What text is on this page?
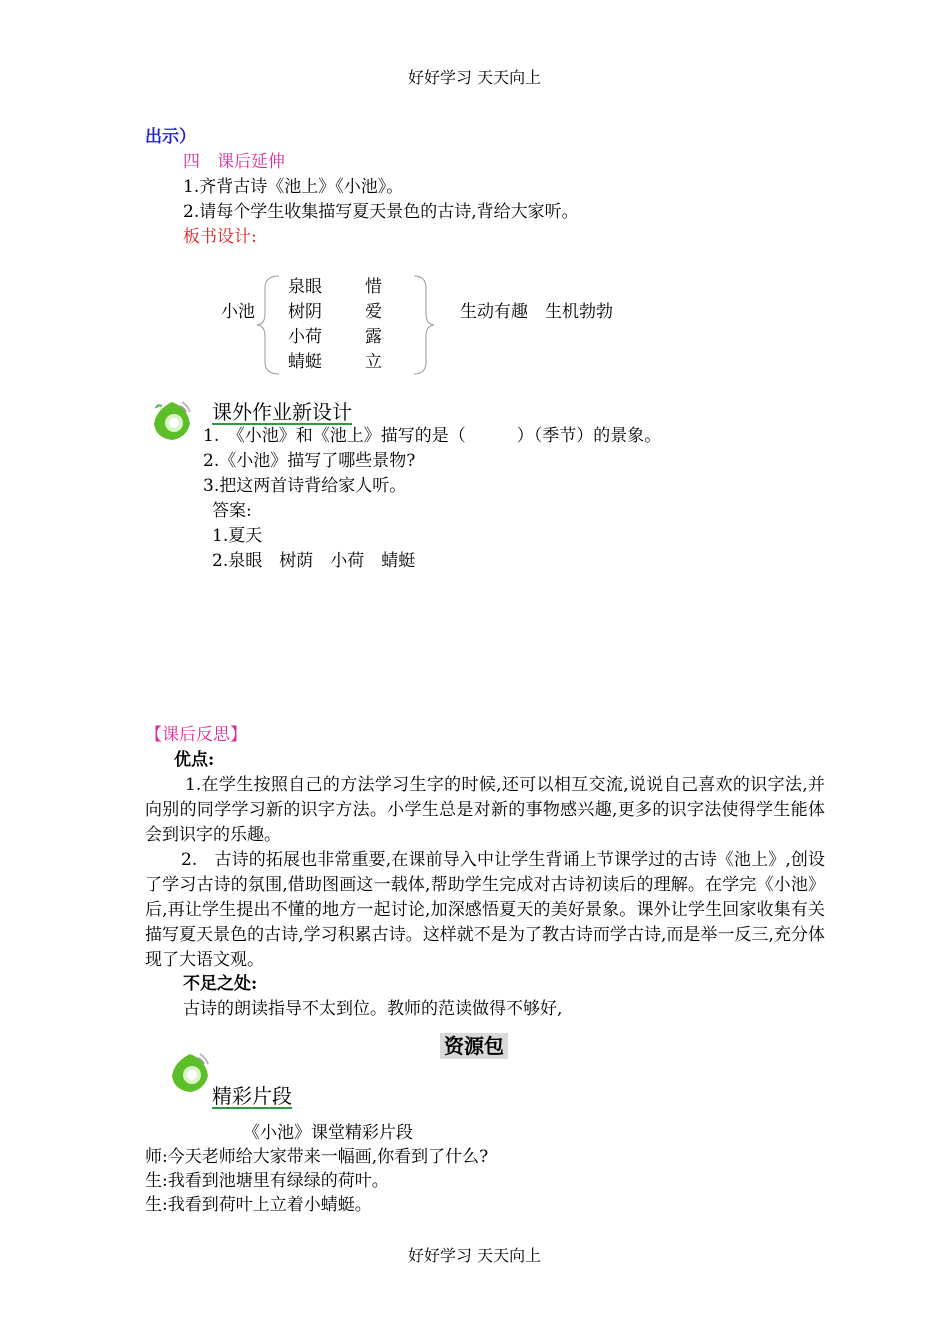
好好学习 天天向上
出示）
四　课后延伸
1.齐背古诗《池上》《小池》。
2.请每个学生收集描写夏天景色的古诗,背给大家听。
板书设计:
小池
泉眼	惜
树阴	爱
小荷	露
蜻蜓	立
生动有趣　生机勃勃
课外作业新设计
1.　《小池》和《池上》描写的是（　　　）（季节）的景象。
2.《小池》描写了哪些景物?
3.把这两首诗背给家人听。
答案:
1.夏天
2.泉眼　树荫　小荷　蜻蜓
【课后反思】
优点:
1.在学生按照自己的方法学习生字的时候,还可以相互交流,说说自己喜欢的识字法,并向别的同学学习新的识字方法。小学生总是对新的事物感兴趣,更多的识字法使得学生能体会到识字的乐趣。
2.　古诗的拓展也非常重要,在课前导入中让学生背诵上节课学过的古诗《池上》,创设了学习古诗的氛围,借助图画这一载体,帮助学生完成对古诗初读后的理解。在学完《小池》后,再让学生提出不懂的地方一起讨论,加深感悟夏天的美好景象。课外让学生回家收集有关描写夏天景色的古诗,学习积累古诗。这样就不是为了教古诗而学古诗,而是举一反三,充分体现了大语文观。
不足之处:
古诗的朗读指导不太到位。教师的范读做得不够好,
资源包
精彩片段
《小池》课堂精彩片段
师:今天老师给大家带来一幅画,你看到了什么?
生:我看到池塘里有绿绿的荷叶。
生:我看到荷叶上立着小蜻蜓。
好好学习 天天向上
